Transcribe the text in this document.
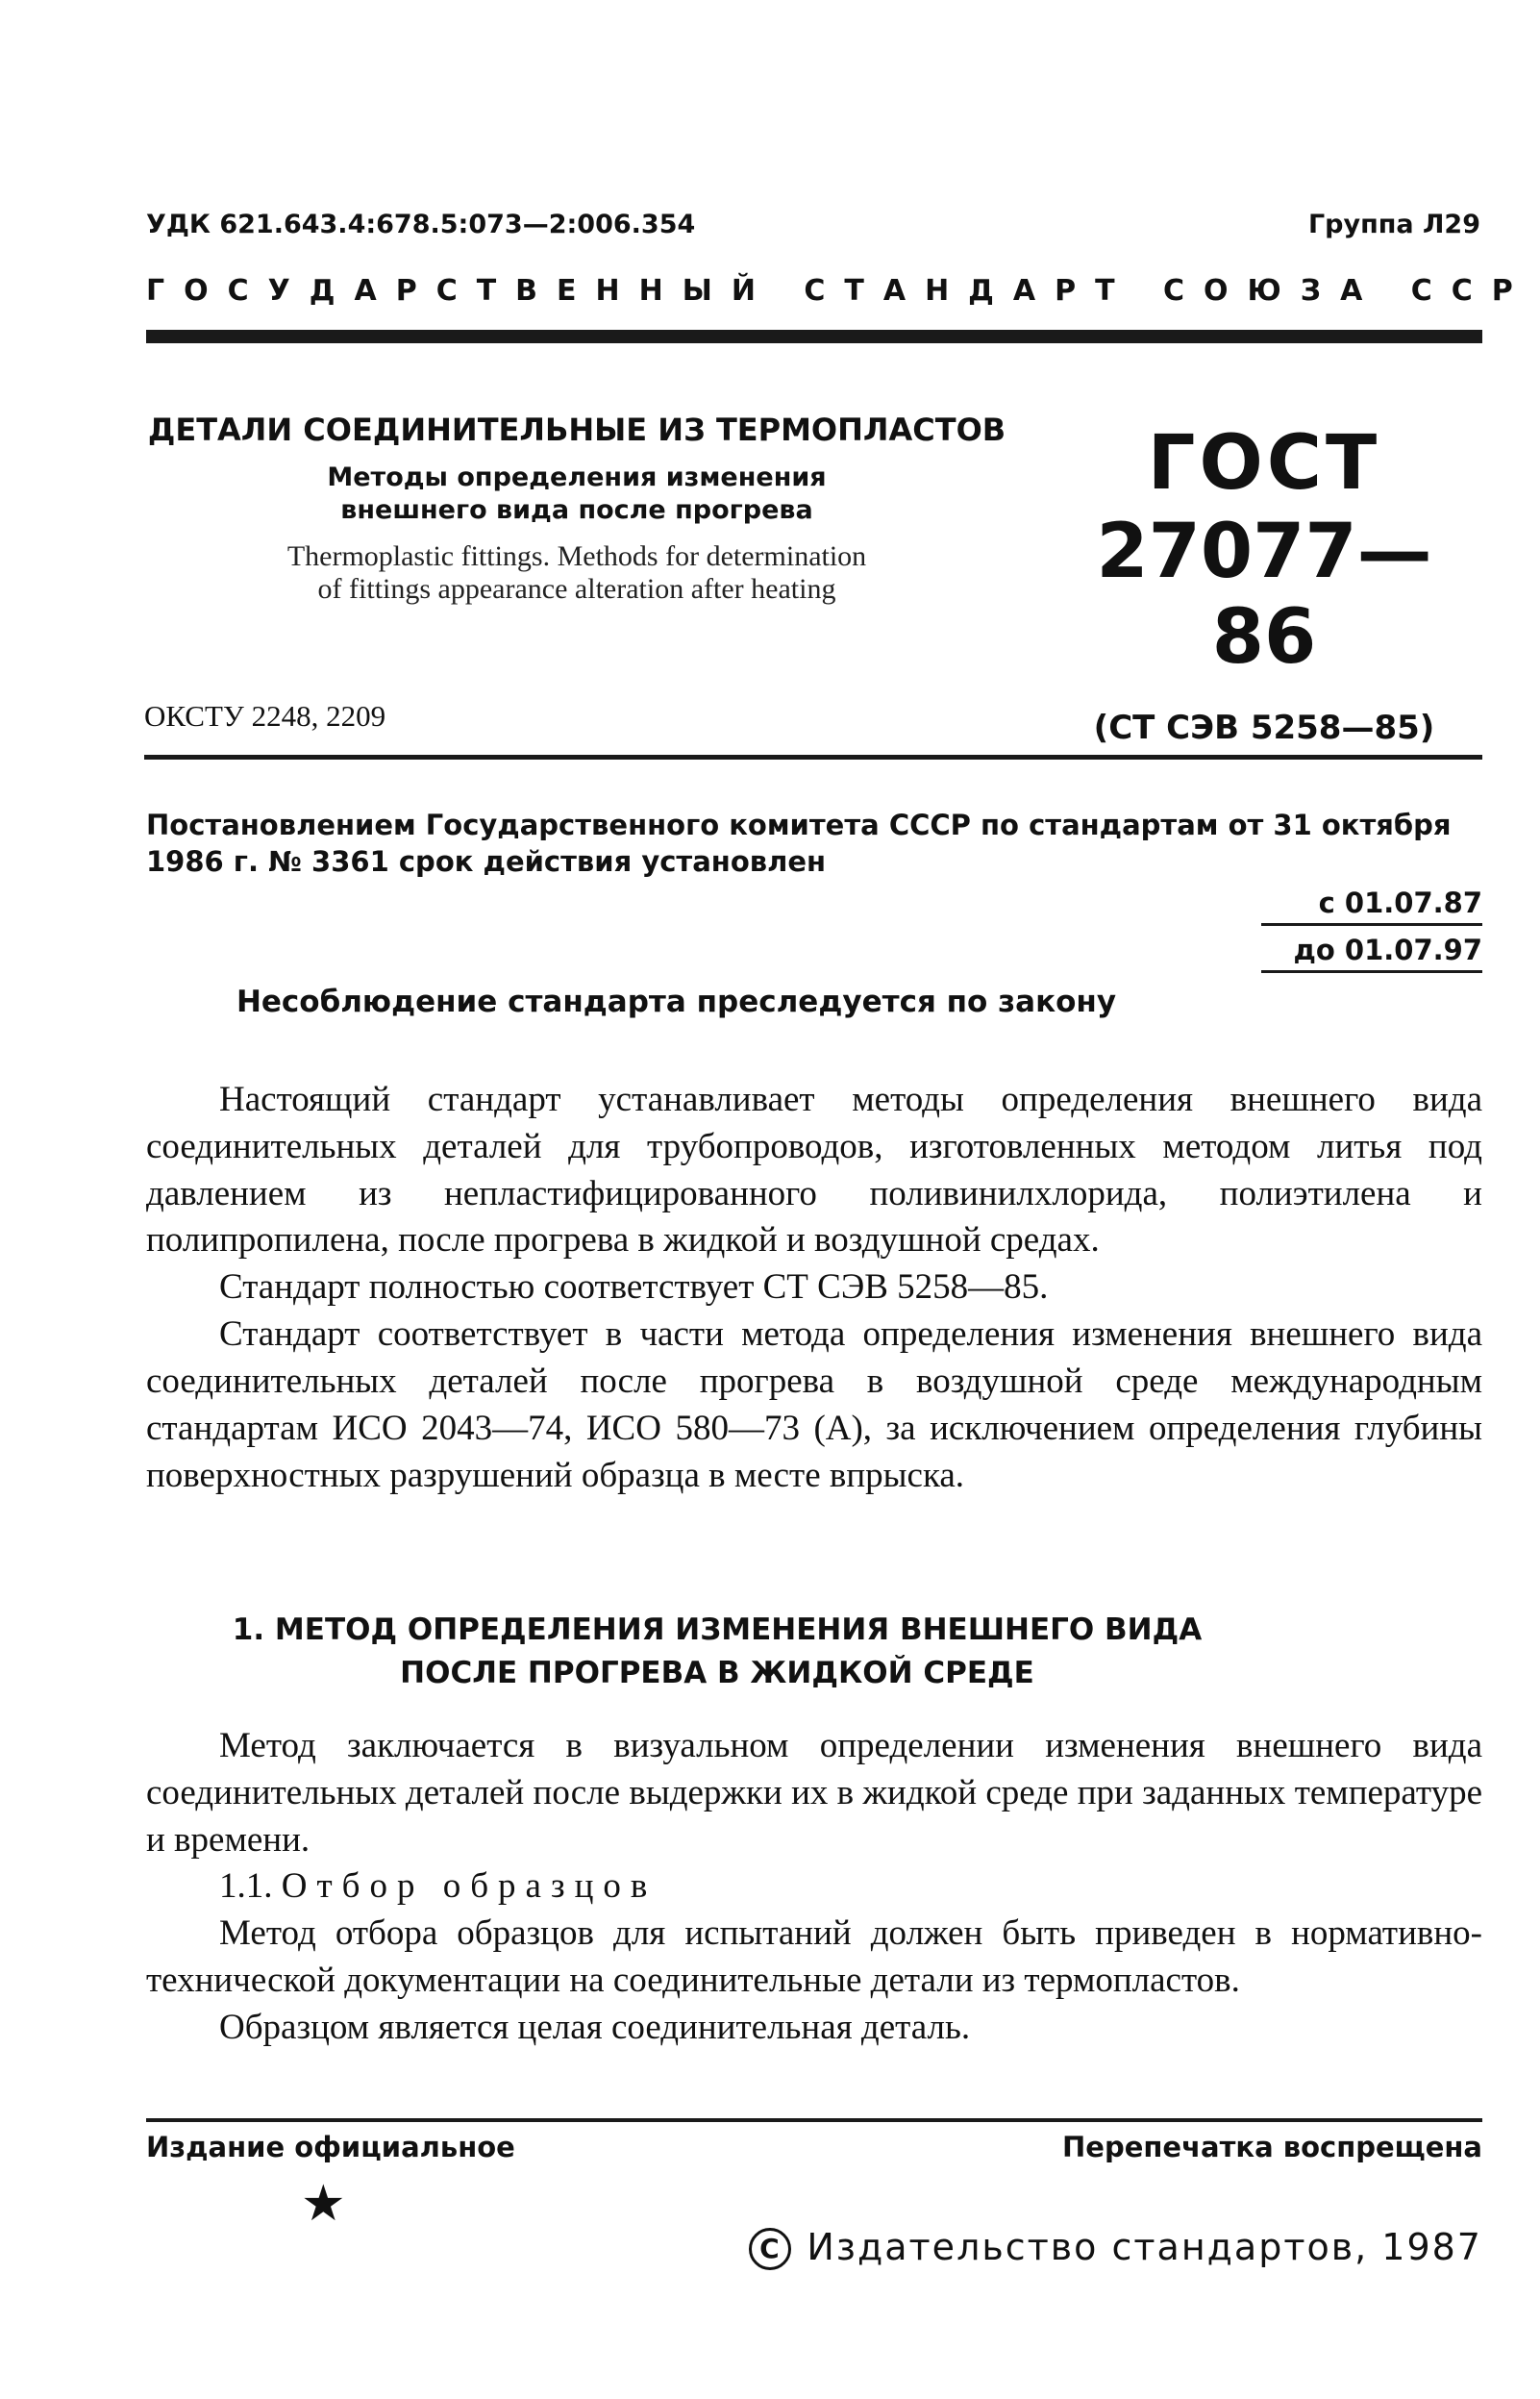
УДК 621.643.4:678.5:073—2:006.354	Группа Л29
ГОСУДАРСТВЕННЫЙ СТАНДАРТ СОЮЗА ССР
ДЕТАЛИ СОЕДИНИТЕЛЬНЫЕ ИЗ ТЕРМОПЛАСТОВ
Методы определения изменения
внешнего вида после прогрева
Thermoplastic fittings. Methods for determination
of fittings appearance alteration after heating
ГОСТ
27077—86
(СТ СЭВ 5258—85)
ОКСТУ 2248, 2209
Постановлением Государственного комитета СССР по стандартам от 31 октября
1986 г. № 3361 срок действия установлен
с 01.07.87
до 01.07.97
Несоблюдение стандарта преследуется по закону

Настоящий стандарт устанавливает методы определения внешнего вида соединительных деталей для трубопроводов, изготовленных методом литья под давлением из непластифицированного поливинилхлорида, полиэтилена и полипропилена, после прогрева в жидкой и воздушной средах.

Стандарт полностью соответствует СТ СЭВ 5258—85.

Стандарт соответствует в части метода определения изменения внешнего вида соединительных деталей после прогрева в воздушной среде международным стандартам ИСО 2043—74, ИСО 580—73 (А), за исключением определения глубины поверхностных разрушений образца в месте впрыска.

1. МЕТОД ОПРЕДЕЛЕНИЯ ИЗМЕНЕНИЯ ВНЕШНЕГО ВИДА
ПОСЛЕ ПРОГРЕВА В ЖИДКОЙ СРЕДЕ

Метод заключается в визуальном определении изменения внешнего вида соединительных деталей после выдержки их в жидкой среде при заданных температуре и времени.

1.1. Отбор образцов

Метод отбора образцов для испытаний должен быть приведен в нормативно-технической документации на соединительные детали из термопластов.

Образцом является целая соединительная деталь.

Издание официальное	Перепечатка воспрещена
★
C Издательство стандартов, 1987
